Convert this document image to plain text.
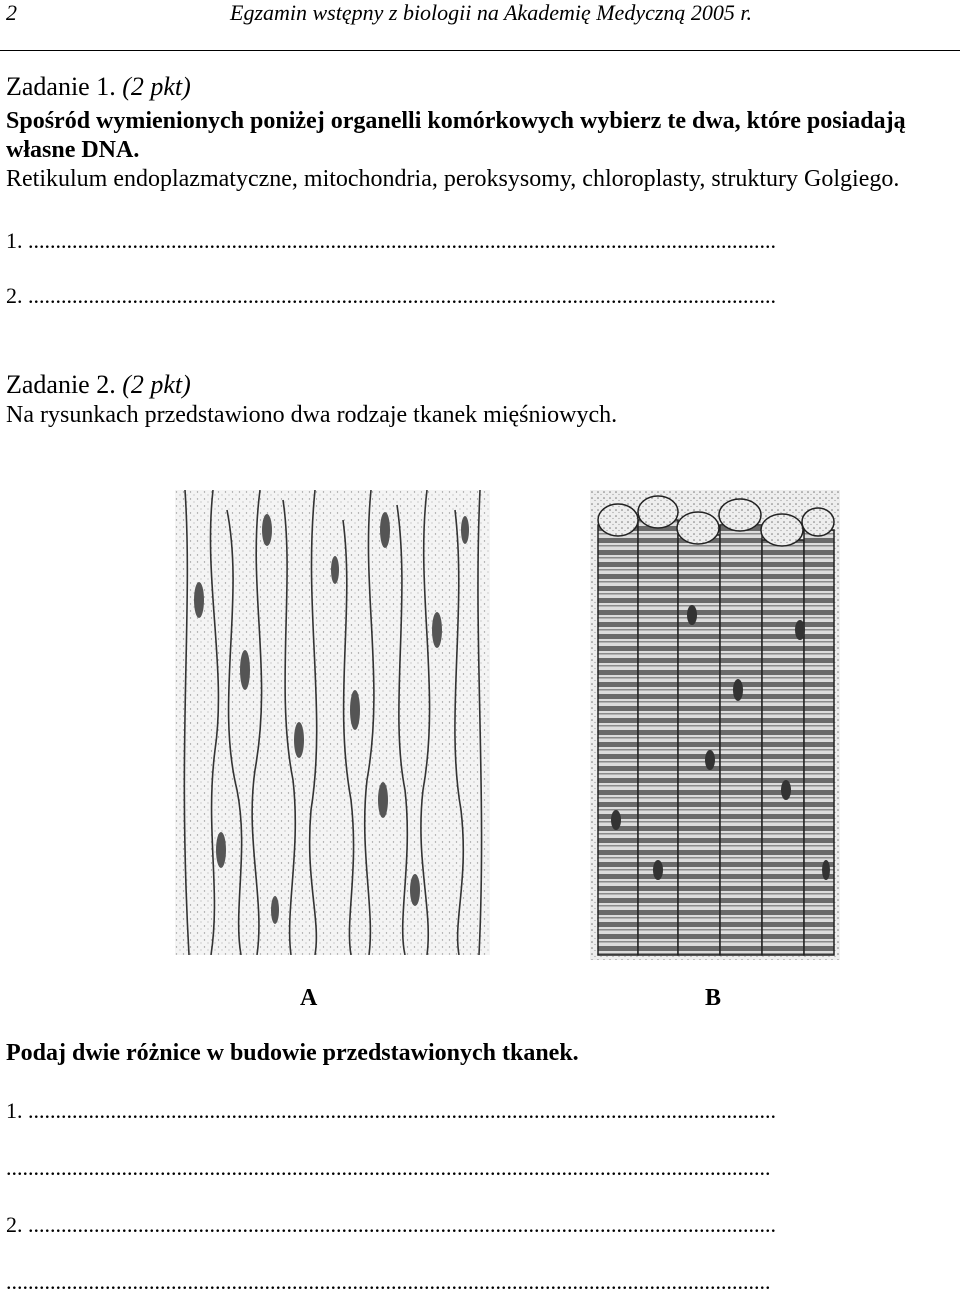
2	Egzamin wstępny z biologii na Akademię Medyczną 2005 r.
Zadanie 1. (2 pkt)
Spośród wymienionych poniżej organelli komórkowych wybierz te dwa, które posiadają
własne DNA.
Retikulum endoplazmatyczne, mitochondria, peroksysomy, chloroplasty, struktury Golgiego.
1. ........................................................................................................................................
2. ........................................................................................................................................
Zadanie 2. (2 pkt)
Na rysunkach przedstawiono dwa rodzaje tkanek mięśniowych.
A	B
Podaj dwie różnice w budowie przedstawionych tkanek.
1. ........................................................................................................................................
...........................................................................................................................................
2. ........................................................................................................................................
...........................................................................................................................................
